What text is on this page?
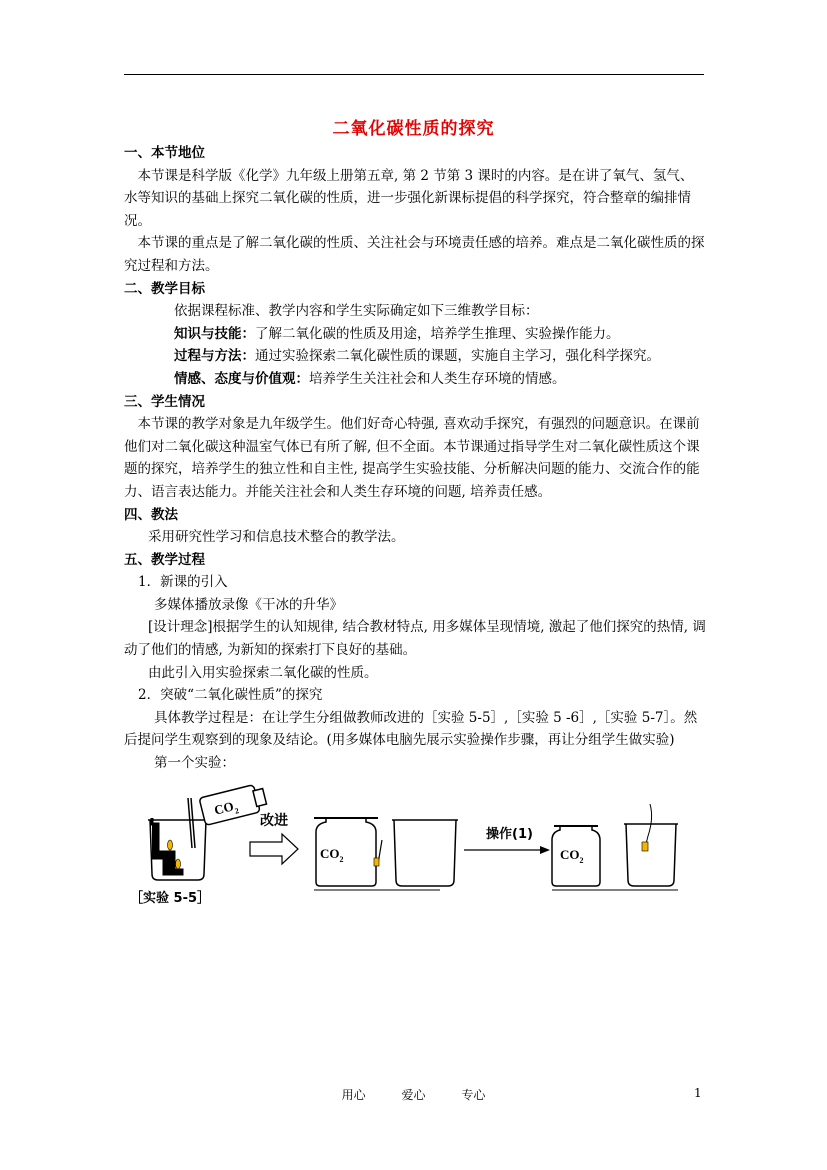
二氧化碳性质的探究

一、本节地位

本节课是科学版《化学》九年级上册第五章, 第 2 节第 3 课时的内容。是在讲了氧气、氢气、水等知识的基础上探究二氧化碳的性质，进一步强化新课标提倡的科学探究，符合整章的编排情况。

本节课的重点是了解二氧化碳的性质、关注社会与环境责任感的培养。难点是二氧化碳性质的探究过程和方法。

二、教学目标

依据课程标准、教学内容和学生实际确定如下三维教学目标：

知识与技能：了解二氧化碳的性质及用途，培养学生推理、实验操作能力。

过程与方法：通过实验探索二氧化碳性质的课题，实施自主学习，强化科学探究。

情感、态度与价值观：培养学生关注社会和人类生存环境的情感。

三、学生情况

本节课的教学对象是九年级学生。他们好奇心特强, 喜欢动手探究，有强烈的问题意识。在课前他们对二氧化碳这种温室气体已有所了解, 但不全面。本节课通过指导学生对二氧化碳性质这个课题的探究，培养学生的独立性和自主性, 提高学生实验技能、分析解决问题的能力、交流合作的能力、语言表达能力。并能关注社会和人类生存环境的问题, 培养责任感。

四、教法

采用研究性学习和信息技术整合的教学法。

五、教学过程

1．新课的引入

多媒体播放录像《干冰的升华》

[设计理念]根据学生的认知规律, 结合教材特点, 用多媒体呈现情境, 激起了他们探究的热情, 调动了他们的情感, 为新知的探索打下良好的基础。

由此引入用实验探索二氧化碳的性质。

2．突破“二氧化碳性质”的探究

具体教学过程是：在让学生分组做教师改进的［实验 5-5］,［实验 5 -6］,［实验 5-7］。然后提问学生观察到的现象及结论。(用多媒体电脑先展示实验操作步骤，再让分组学生做实验)

第一个实验：

$CO_2$
改进
$CO_2$
操作(1)
$CO_2$
［实验 5-5］
用心	爱心	专心	1
